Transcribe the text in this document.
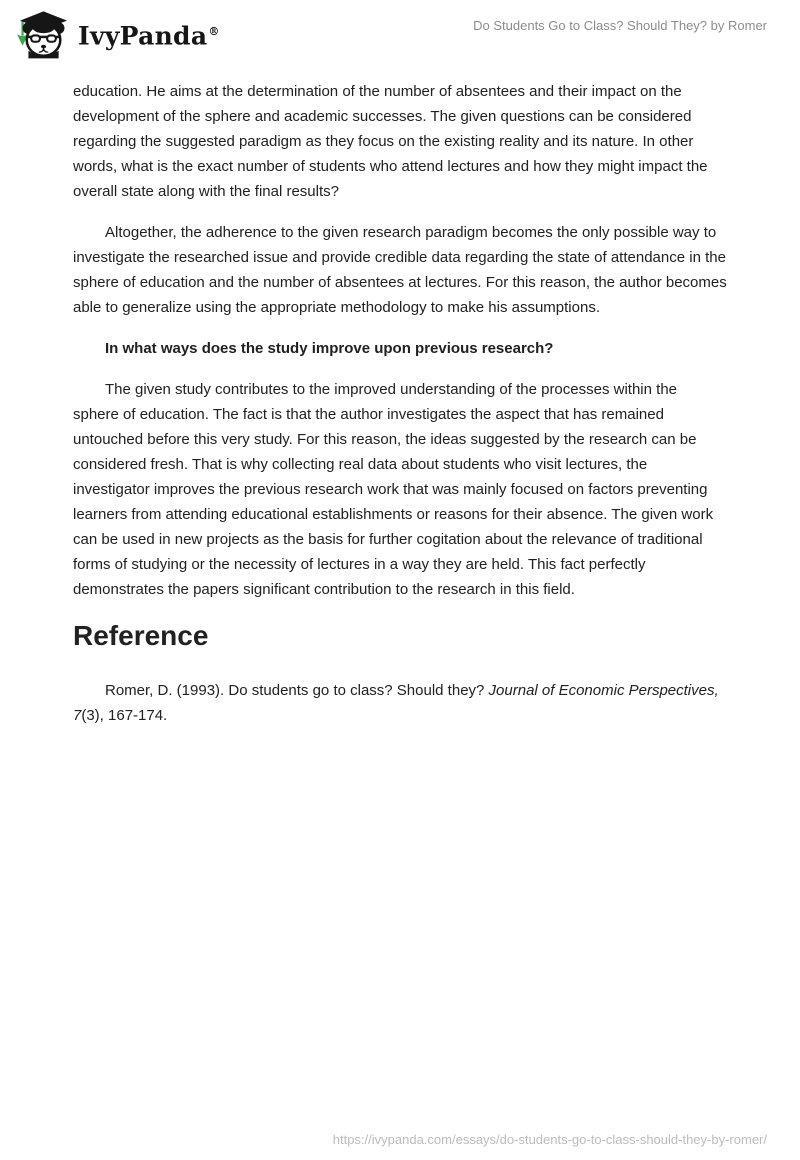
IvyPanda®	Do Students Go to Class? Should They? by Romer

education. He aims at the determination of the number of absentees and their impact on the development of the sphere and academic successes. The given questions can be considered regarding the suggested paradigm as they focus on the existing reality and its nature. In other words, what is the exact number of students who attend lectures and how they might impact the overall state along with the final results?

Altogether, the adherence to the given research paradigm becomes the only possible way to investigate the researched issue and provide credible data regarding the state of attendance in the sphere of education and the number of absentees at lectures. For this reason, the author becomes able to generalize using the appropriate methodology to make his assumptions.

In what ways does the study improve upon previous research?

The given study contributes to the improved understanding of the processes within the sphere of education. The fact is that the author investigates the aspect that has remained untouched before this very study. For this reason, the ideas suggested by the research can be considered fresh. That is why collecting real data about students who visit lectures, the investigator improves the previous research work that was mainly focused on factors preventing learners from attending educational establishments or reasons for their absence. The given work can be used in new projects as the basis for further cogitation about the relevance of traditional forms of studying or the necessity of lectures in a way they are held. This fact perfectly demonstrates the papers significant contribution to the research in this field.

Reference

Romer, D. (1993). Do students go to class? Should they? Journal of Economic Perspectives, 7(3), 167-174.

https://ivypanda.com/essays/do-students-go-to-class-should-they-by-romer/
